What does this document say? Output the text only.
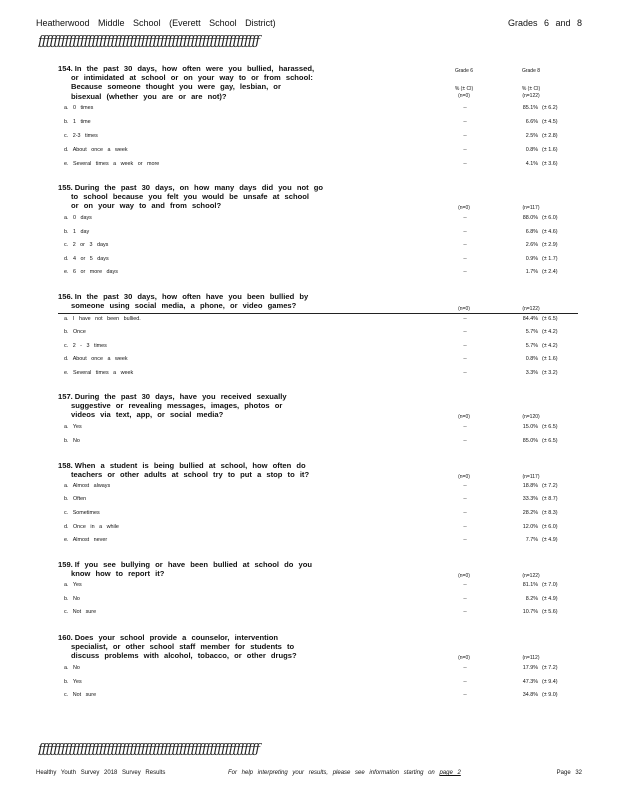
Heatherwood Middle School (Everett School District)	Grades 6 and 8
ƒƒƒƒƒƒƒƒƒƒƒƒƒƒƒƒƒƒƒƒƒƒƒƒƒƒƒƒƒƒƒƒƒƒƒƒƒƒƒƒƒƒƒƒƒƒƒƒƒƒƒƒƒƒƒƒƒƒ
Grade 6	Grade 8
% (± CI)
(n=0)
% (± CI)
(n=122)
154. In the past 30 days, how often were you bullied, harassed,
or intimidated at school or on your way to or from school:
Because someone thought you were gay, lesbian, or
bisexual (whether you are or are not)?
a. 0 times	--	85.1% (± 6.2)
b. 1 time	--	6.6% (± 4.5)
c. 2-3 times	--	2.5% (± 2.8)
d. About once a week	--	0.8% (± 1.6)
e. Several times a week or more	--	4.1% (± 3.6)
(n=0)	(n=117)
155. During the past 30 days, on how many days did you not go
to school because you felt you would be unsafe at school
or on your way to and from school?
a. 0 days	--	88.0% (± 6.0)
b. 1 day	--	6.8% (± 4.6)
c. 2 or 3 days	--	2.6% (± 2.9)
d. 4 or 5 days	--	0.9% (± 1.7)
e. 6 or more days	--	1.7% (± 2.4)
(n=0)	(n=122)
156. In the past 30 days, how often have you been bullied by
someone using social media, a phone, or video games?
a. I have not been bullied.	--	84.4% (± 6.5)
b. Once	--	5.7% (± 4.2)
c. 2 - 3 times	--	5.7% (± 4.2)
d. About once a week	--	0.8% (± 1.6)
e. Several times a week	--	3.3% (± 3.2)
(n=0)	(n=120)
157. During the past 30 days, have you received sexually
suggestive or revealing messages, images, photos or
videos via text, app, or social media?
a. Yes	--	15.0% (± 6.5)
b. No	--	85.0% (± 6.5)
(n=0)	(n=117)
158. When a student is being bullied at school, how often do
teachers or other adults at school try to put a stop to it?
a. Almost always	--	18.8% (± 7.2)
b. Often	--	33.3% (± 8.7)
c. Sometimes	--	28.2% (± 8.3)
d. Once in a while	--	12.0% (± 6.0)
e. Almost never	--	7.7% (± 4.9)
(n=0)	(n=122)
159. If you see bullying or have been bullied at school do you
know how to report it?
a. Yes	--	81.1% (± 7.0)
b. No	--	8.2% (± 4.9)
c. Not sure	--	10.7% (± 5.6)
(n=0)	(n=112)
160. Does your school provide a counselor, intervention
specialist, or other school staff member for students to
discuss problems with alcohol, tobacco, or other drugs?
a. No	--	17.9% (± 7.2)
b. Yes	--	47.3% (± 9.4)
c. Not sure	--	34.8% (± 9.0)
ƒƒƒƒƒƒƒƒƒƒƒƒƒƒƒƒƒƒƒƒƒƒƒƒƒƒƒƒƒƒƒƒƒƒƒƒƒƒƒƒƒƒƒƒƒƒƒƒƒƒƒƒƒƒƒƒƒƒ
Healthy Youth Survey 2018 Survey Results	For help interpreting your results, please see information starting on page 2	Page 32
